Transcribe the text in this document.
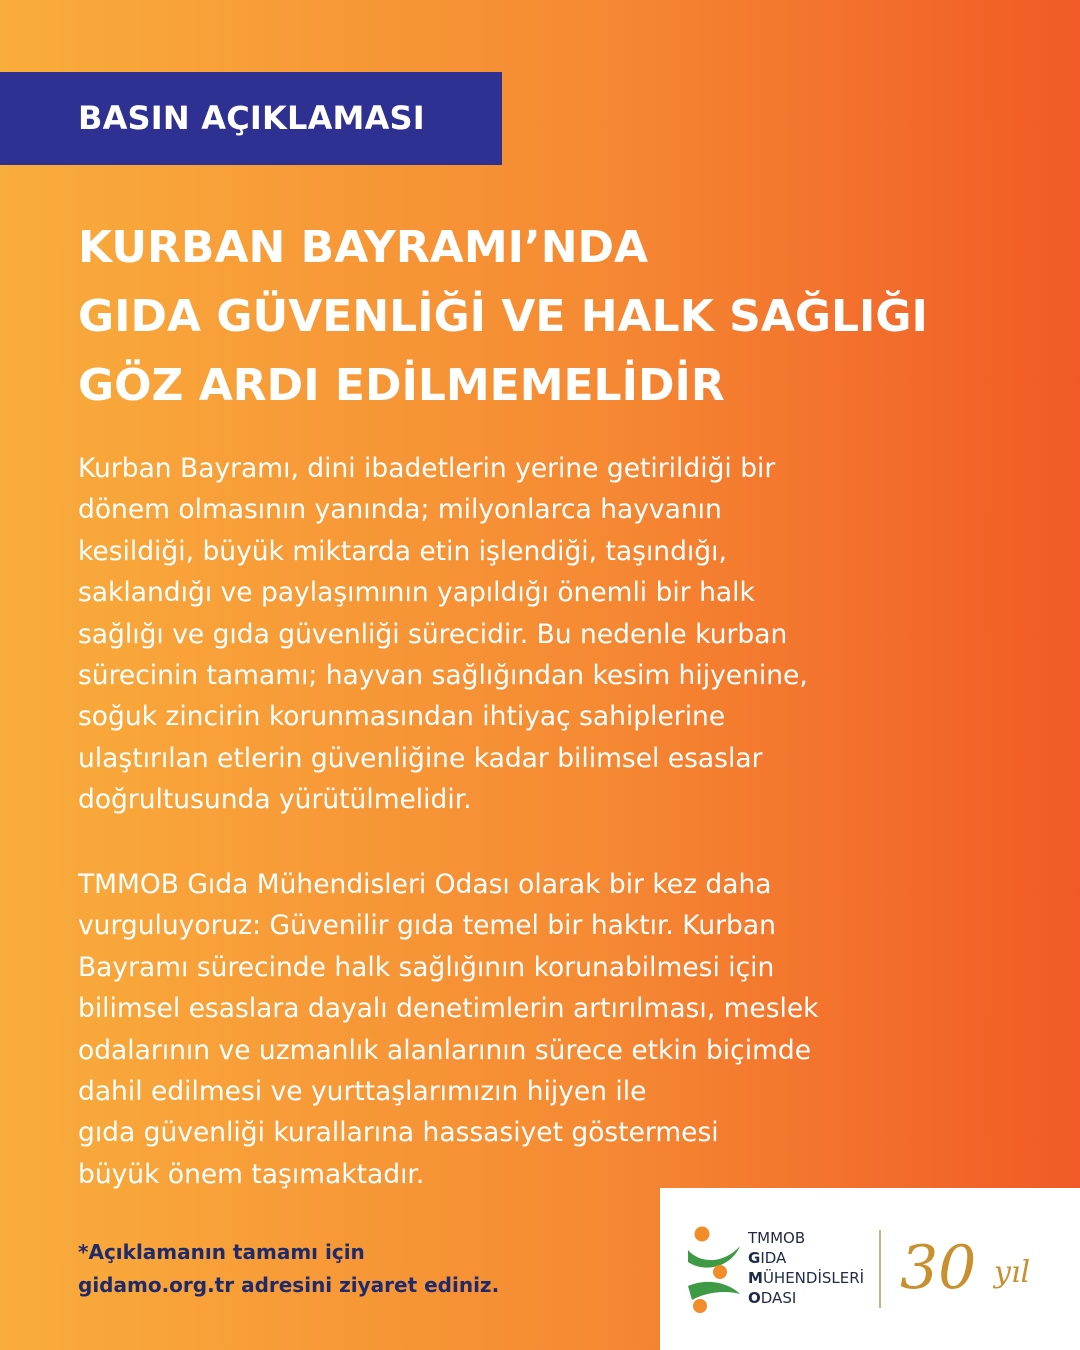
BASIN AÇIKLAMASI
KURBAN BAYRAMI’NDA
GIDA GÜVENLİĞİ VE HALK SAĞLIĞI
GÖZ ARDI EDİLMEMELİDİR
Kurban Bayramı, dini ibadetlerin yerine getirildiği bir
dönem olmasının yanında; milyonlarca hayvanın
kesildiği, büyük miktarda etin işlendiği, taşındığı,
saklandığı ve paylaşımının yapıldığı önemli bir halk
sağlığı ve gıda güvenliği sürecidir. Bu nedenle kurban
sürecinin tamamı; hayvan sağlığından kesim hijyenine,
soğuk zincirin korunmasından ihtiyaç sahiplerine
ulaştırılan etlerin güvenliğine kadar bilimsel esaslar
doğrultusunda yürütülmelidir.
TMMOB Gıda Mühendisleri Odası olarak bir kez daha
vurguluyoruz: Güvenilir gıda temel bir haktır. Kurban
Bayramı sürecinde halk sağlığının korunabilmesi için
bilimsel esaslara dayalı denetimlerin artırılması, meslek
odalarının ve uzmanlık alanlarının sürece etkin biçimde
dahil edilmesi ve yurttaşlarımızın hijyen ile
gıda güvenliği kurallarına hassasiyet göstermesi
büyük önem taşımaktadır.
*Açıklamanın tamamı için
gidamo.org.tr adresini ziyaret ediniz.
TMMOB
GIDA
MÜHENDİSLERİ
ODASI	30 yıl
